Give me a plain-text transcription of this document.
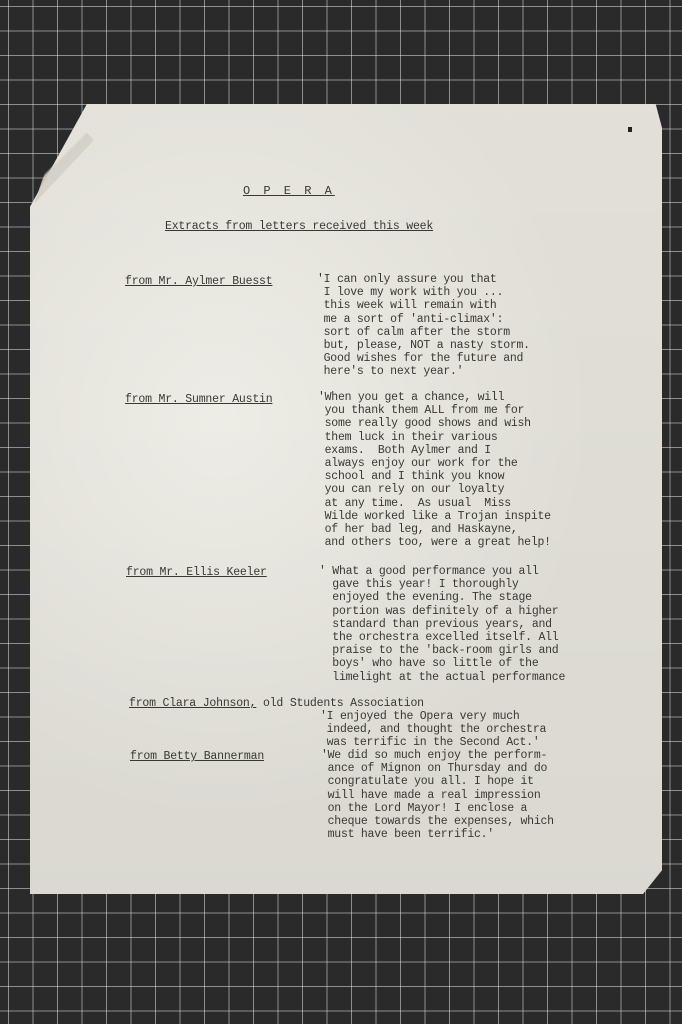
O P E R A
Extracts from letters received this week
from Mr. Aylmer Buesst	'I can only assure you that
I love my work with you ...
this week will remain with
me a sort of 'anti-climax':
sort of calm after the storm
but, please, NOT a nasty storm.
Good wishes for the future and
here's to next year.'
from Mr. Sumner Austin	'When you get a chance, will
you thank them ALL from me for
some really good shows and wish
them luck in their various
exams.  Both Aylmer and I
always enjoy our work for the
school and I think you know
you can rely on our loyalty
at any time.  As usual  Miss
Wilde worked like a Trojan inspite
of her bad leg, and Haskayne,
and others too, were a great help!
from Mr. Ellis Keeler	' What a good performance you all
gave this year! I thoroughly
enjoyed the evening. The stage
portion was definitely of a higher
standard than previous years, and
the orchestra excelled itself. All
praise to the 'back-room girls and
boys' who have so little of the
limelight at the actual performance
from Clara Johnson, old Students Association
'I enjoyed the Opera very much
indeed, and thought the orchestra
was terrific in the Second Act.'
from Betty Bannerman	'We did so much enjoy the perform-
ance of Mignon on Thursday and do
congratulate you all. I hope it
will have made a real impression
on the Lord Mayor! I enclose a
cheque towards the expenses, which
must have been terrific.'
